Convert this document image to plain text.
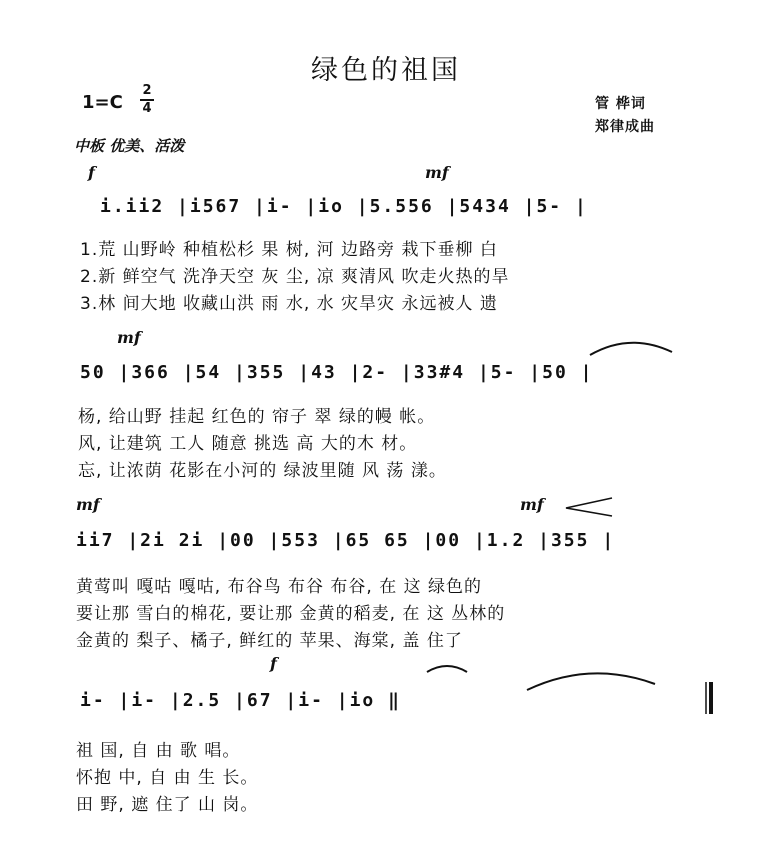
绿色的祖国
1=C
2
4	管 桦词
郑律成曲
中板 优美、活泼
f	mf
i.ii2 |i567 |i- |io |5.556 |5434 |5- |
1.荒 山野岭 种植松杉 果 树, 河 边路旁 栽下垂柳 白
2.新 鲜空气 洗净天空 灰 尘, 凉 爽清风 吹走火热的旱
3.林 间大地 收藏山洪 雨 水, 水 灾旱灾 永远被人 遗
mf
50 |366 |54 |355 |43 |2- |33#4 |5- |50 |
杨, 给山野 挂起 红色的 帘子 翠 绿的幔 帐。
风, 让建筑 工人 随意 挑选 高 大的木 材。
忘, 让浓荫 花影在小河的 绿波里随 风 荡 漾。
mf	mf
ii7 |2i 2i |00 |553 |65 65 |00 |1.2 |355 |
黄莺叫 嘎咕 嘎咕, 布谷鸟 布谷 布谷, 在 这 绿色的
要让那 雪白的棉花, 要让那 金黄的稻麦, 在 这 丛林的
金黄的 梨子、橘子, 鲜红的 苹果、海棠, 盖 住了
f
i- |i- |2.5 |67 |i- |io ‖
祖 国, 自 由 歌 唱。
怀抱 中, 自 由 生 长。
田 野, 遮 住了 山 岗。
